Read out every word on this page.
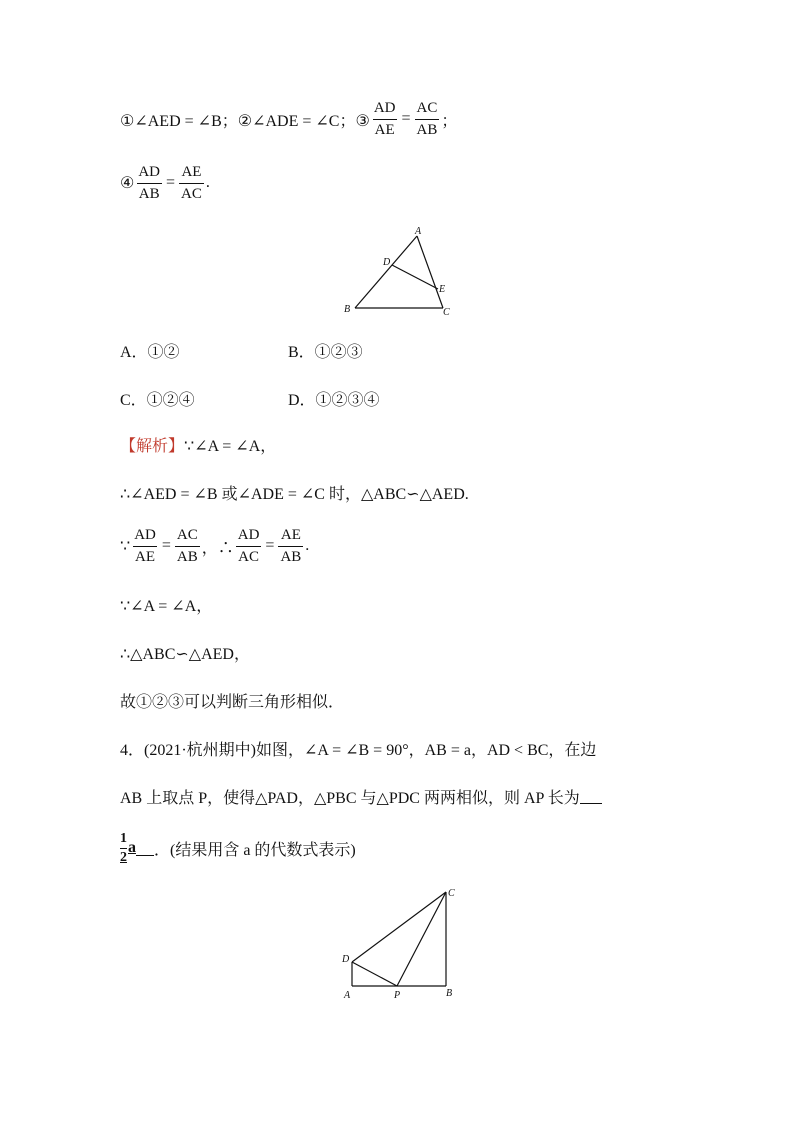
①∠AED = ∠B；②∠ADE = ∠C；③ $\frac{AD}{AE} = \frac{AC}{AB}$ ；
④ $\frac{AD}{AB} = \frac{AE}{AC}$ .
A
D
E
B	C
A．①②	B．①②③
C．①②④	D．①②③④
【解析】 ∵∠A = ∠A，
∴∠AED = ∠B 或∠ADE = ∠C 时，△ABC∽△AED.
∵ $\frac{AD}{AE} = \frac{AC}{AB}$ ，∴ $\frac{AD}{AC} = \frac{AE}{AB}$ .
∵∠A = ∠A，
∴△ABC∽△AED，
故①②③可以判断三角形相似．
4．(2021·杭州期中)如图，∠A = ∠B = 90°，AB = a，AD < BC，在边
AB 上取点 P，使得△PAD，△PBC 与△PDC 两两相似，则 AP 长为
$\frac{1}{2}$ a ．(结果用含 a 的代数式表示)
C
D
A	P	B
